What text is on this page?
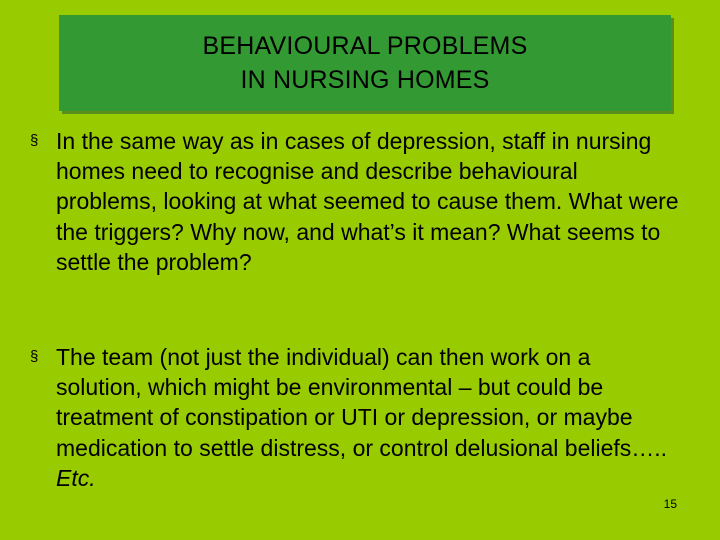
BEHAVIOURAL PROBLEMS
IN NURSING HOMES
§ In the same way as in cases of depression, staff in nursing homes need to recognise and describe behavioural problems, looking at what seemed to cause them. What were the triggers? Why now, and what’s it mean? What seems to settle the problem?
§ The team (not just the individual) can then work on a solution, which might be environmental – but could be treatment of constipation or UTI or depression, or maybe medication to settle distress, or control delusional beliefs….. Etc.
15
